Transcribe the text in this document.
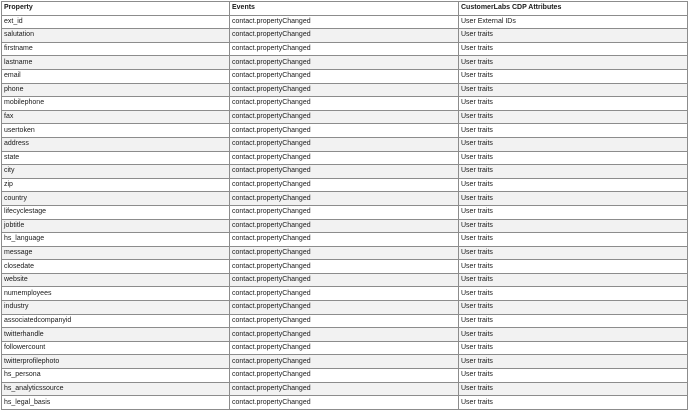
Property	Events	CustomerLabs CDP Attributes
ext_id	contact.propertyChanged	User External IDs
salutation	contact.propertyChanged	User traits
firstname	contact.propertyChanged	User traits
lastname	contact.propertyChanged	User traits
email	contact.propertyChanged	User traits
phone	contact.propertyChanged	User traits
mobilephone	contact.propertyChanged	User traits
fax	contact.propertyChanged	User traits
usertoken	contact.propertyChanged	User traits
address	contact.propertyChanged	User traits
state	contact.propertyChanged	User traits
city	contact.propertyChanged	User traits
zip	contact.propertyChanged	User traits
country	contact.propertyChanged	User traits
lifecyclestage	contact.propertyChanged	User traits
jobtitle	contact.propertyChanged	User traits
hs_language	contact.propertyChanged	User traits
message	contact.propertyChanged	User traits
closedate	contact.propertyChanged	User traits
website	contact.propertyChanged	User traits
numemployees	contact.propertyChanged	User traits
industry	contact.propertyChanged	User traits
associatedcompanyid	contact.propertyChanged	User traits
twitterhandle	contact.propertyChanged	User traits
followercount	contact.propertyChanged	User traits
twitterprofilephoto	contact.propertyChanged	User traits
hs_persona	contact.propertyChanged	User traits
hs_analyticssource	contact.propertyChanged	User traits
hs_legal_basis	contact.propertyChanged	User traits
